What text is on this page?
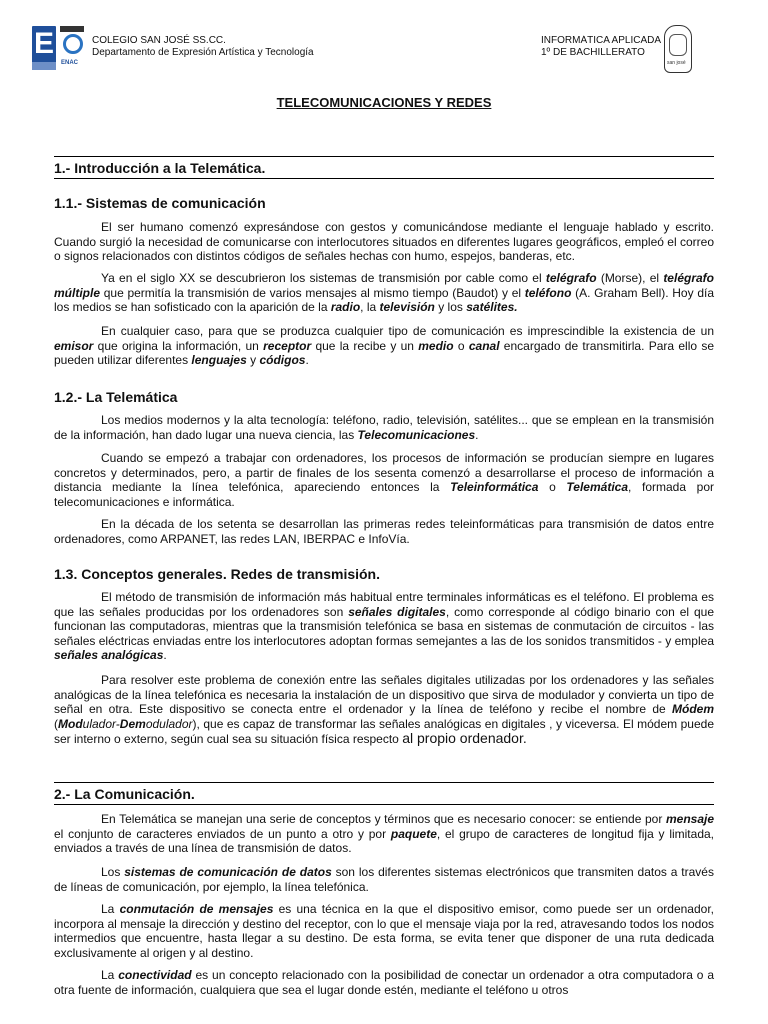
E
ENAC
COLEGIO SAN JOSÉ SS.CC.
Departamento de Expresión Artística y Tecnología
INFORMÁTICA APLICADA
1º DE BACHILLERATO
san josé
TELECOMUNICACIONES Y REDES
1.- Introducción a la Telemática.
1.1.- Sistemas de comunicación
El ser humano comenzó expresándose con gestos y comunicándose mediante el lenguaje hablado y escrito. Cuando surgió la necesidad de comunicarse con interlocutores situados en diferentes lugares geográficos, empleó el correo o signos relacionados con distintos códigos de señales hechas con humo, espejos, banderas, etc.
Ya en el siglo XX se descubrieron los sistemas de transmisión por cable como el telégrafo (Morse), el telégrafo múltiple que permitía la transmisión de varios mensajes al mismo tiempo (Baudot) y el teléfono (A. Graham Bell). Hoy día los medios se han sofisticado con la aparición de la radio, la televisión y los satélites.
En cualquier caso, para que se produzca cualquier tipo de comunicación es imprescindible la existencia de un emisor que origina la información, un receptor que la recibe y un medio o canal encargado de transmitirla. Para ello se pueden utilizar diferentes lenguajes y códigos.
1.2.- La Telemática
Los medios modernos y la alta tecnología: teléfono, radio, televisión, satélites... que se emplean en la transmisión de la información, han dado lugar una nueva ciencia, las Telecomunicaciones.
Cuando se empezó a trabajar con ordenadores, los procesos de información se producían siempre en lugares concretos y determinados, pero, a partir de finales de los sesenta comenzó a desarrollarse el proceso de información a distancia mediante la línea telefónica, apareciendo entonces la Teleinformática o Telemática, formada por telecomunicaciones e informática.
En la década de los setenta se desarrollan las primeras redes teleinformáticas para transmisión de datos entre ordenadores, como ARPANET, las redes LAN, IBERPAC e InfoVía.
1.3. Conceptos generales. Redes de transmisión.
El método de transmisión de información más habitual entre terminales informáticas es el teléfono. El problema es que las señales producidas por los ordenadores son señales digitales, como corresponde al código binario con el que funcionan las computadoras, mientras que la transmisión telefónica se basa en sistemas de conmutación de circuitos - las señales eléctricas enviadas entre los interlocutores adoptan formas semejantes a las de los sonidos transmitidos - y emplea señales analógicas.
Para resolver este problema de conexión entre las señales digitales utilizadas por los ordenadores y las señales analógicas de la línea telefónica es necesaria la instalación de un dispositivo que sirva de modulador y convierta un tipo de señal en otra. Este dispositivo se conecta entre el ordenador y la línea de teléfono y recibe el nombre de Módem (Modulador-Demodulador), que es capaz de transformar las señales analógicas en digitales , y viceversa. El módem puede ser interno o externo, según cual sea su situación física respecto al propio ordenador.
2.- La Comunicación.
En Telemática se manejan una serie de conceptos y términos que es necesario conocer: se entiende por mensaje el conjunto de caracteres enviados de un punto a otro y por paquete, el grupo de caracteres de longitud fija y limitada, enviados a través de una línea de transmisión de datos.
Los sistemas de comunicación de datos son los diferentes sistemas electrónicos que transmiten datos a través de líneas de comunicación, por ejemplo, la línea telefónica.
La conmutación de mensajes es una técnica en la que el dispositivo emisor, como puede ser un ordenador, incorpora al mensaje la dirección y destino del receptor, con lo que el mensaje viaja por la red, atravesando todos los nodos intermedios que encuentre, hasta llegar a su destino. De esta forma, se evita tener que disponer de una ruta dedicada exclusivamente al origen y al destino.
La conectividad es un concepto relacionado con la posibilidad de conectar un ordenador a otra computadora o a otra fuente de información, cualquiera que sea el lugar donde estén, mediante el teléfono u otros
